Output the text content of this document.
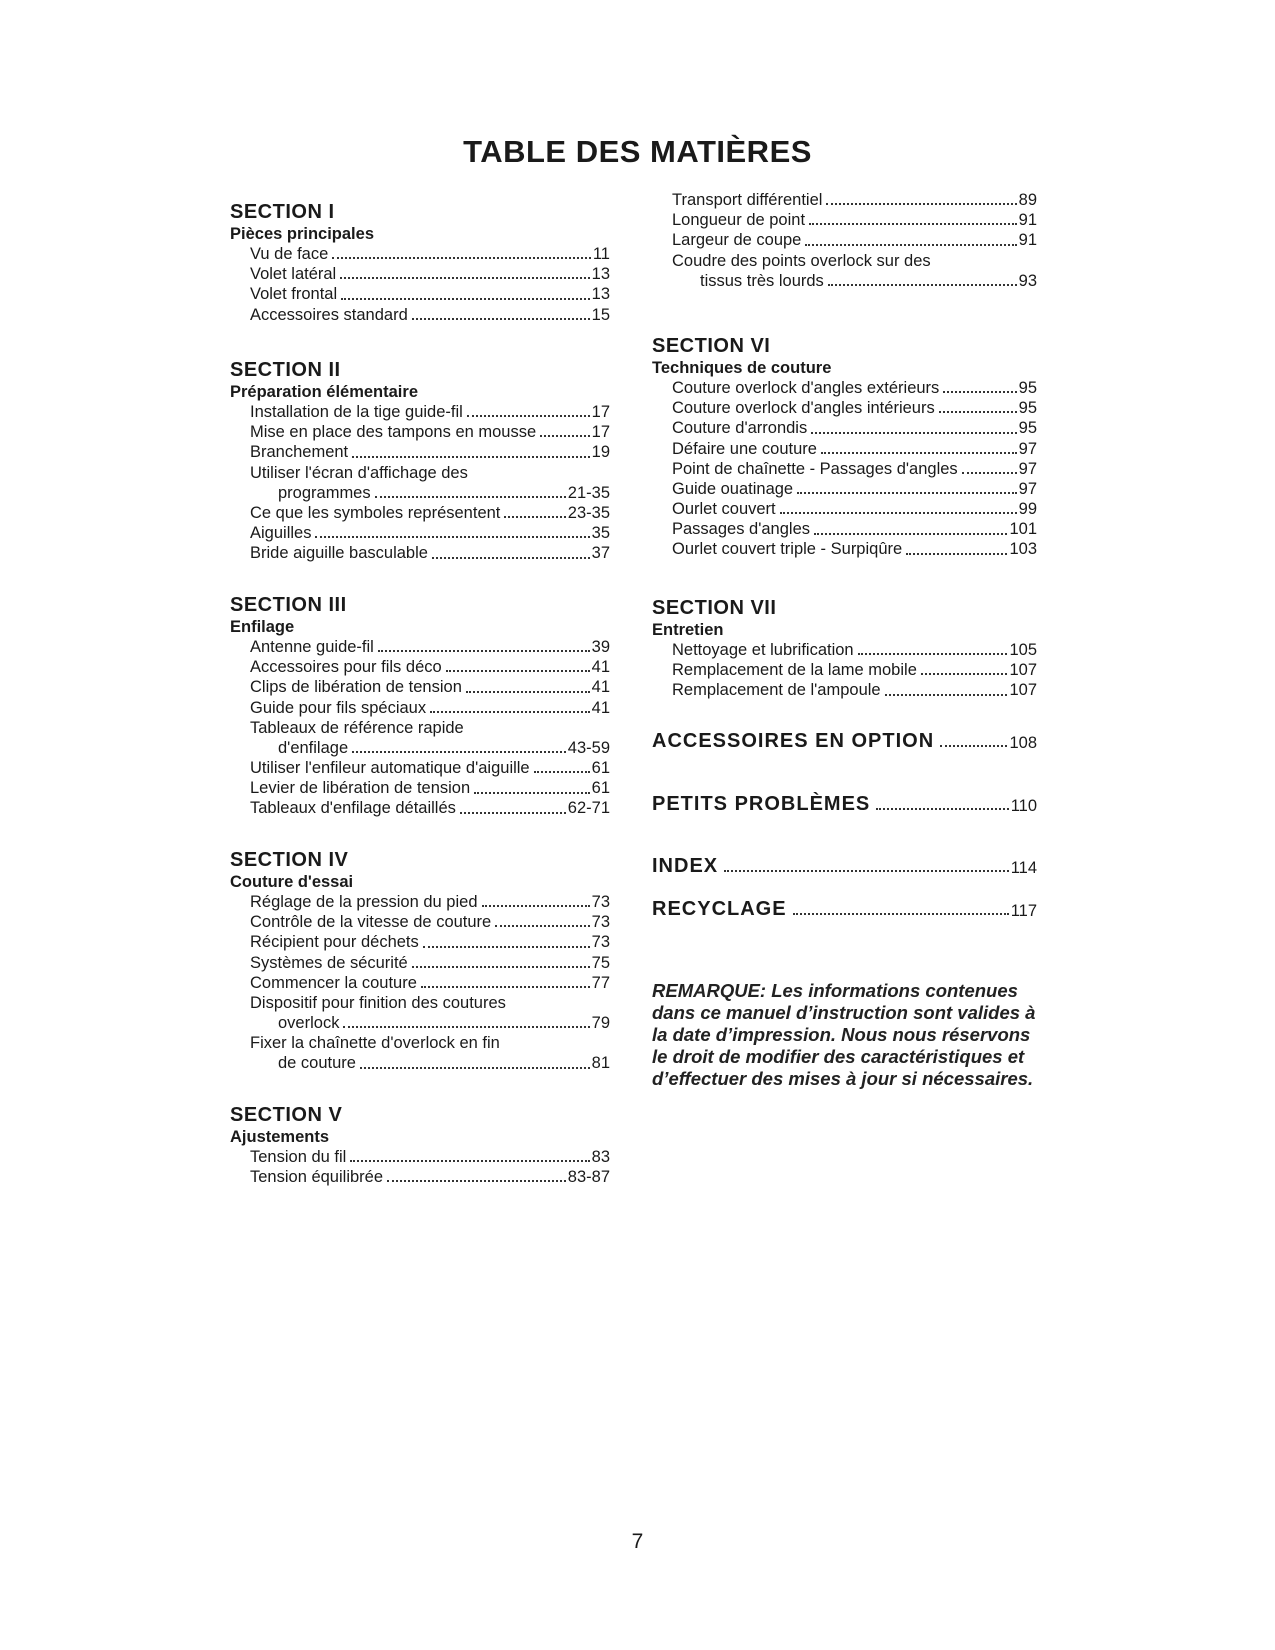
TABLE DES MATIÈRES
SECTION I
Pièces principales
Vu de face	11
Volet latéral	13
Volet frontal	13
Accessoires standard	15
SECTION II
Préparation élémentaire
Installation de la tige guide-fil	17
Mise en place des tampons en mousse	17
Branchement	19
Utiliser l'écran d'affichage des
programmes	21-35
Ce que les symboles représentent	23-35
Aiguilles	35
Bride aiguille basculable	37
SECTION III
Enfilage
Antenne guide-fil	39
Accessoires pour fils déco	41
Clips de libération de tension	41
Guide pour fils spéciaux	41
Tableaux de référence rapide
d'enfilage	43-59
Utiliser l'enfileur automatique d'aiguille	61
Levier de libération de tension	61
Tableaux d'enfilage détaillés	62-71
SECTION IV
Couture d'essai
Réglage de la pression du pied	73
Contrôle de la vitesse de couture	73
Récipient pour déchets	73
Systèmes de sécurité	75
Commencer la couture	77
Dispositif pour finition des coutures
overlock	79
Fixer la chaînette d'overlock en fin
de couture	81
SECTION V
Ajustements
Tension du fil	83
Tension équilibrée	83-87
Transport différentiel	89
Longueur de point	91
Largeur de coupe	91
Coudre des points overlock sur des
tissus très lourds	93
SECTION VI
Techniques de couture
Couture overlock d'angles extérieurs	95
Couture overlock d'angles intérieurs	95
Couture d'arrondis	95
Défaire une couture	97
Point de chaînette - Passages d'angles	97
Guide ouatinage	97
Ourlet couvert	99
Passages d'angles	101
Ourlet couvert triple - Surpiqûre	103
SECTION VII
Entretien
Nettoyage et lubrification	105
Remplacement de la lame mobile	107
Remplacement de l'ampoule	107
ACCESSOIRES EN OPTION	108
PETITS PROBLÈMES	110
INDEX	114
RECYCLAGE	117
REMARQUE: Les informations contenues dans ce manuel d’instruction sont valides à la date d’impression. Nous nous réservons le droit de modifier des caractéristiques et d’effectuer des mises à jour si nécessaires.
7
